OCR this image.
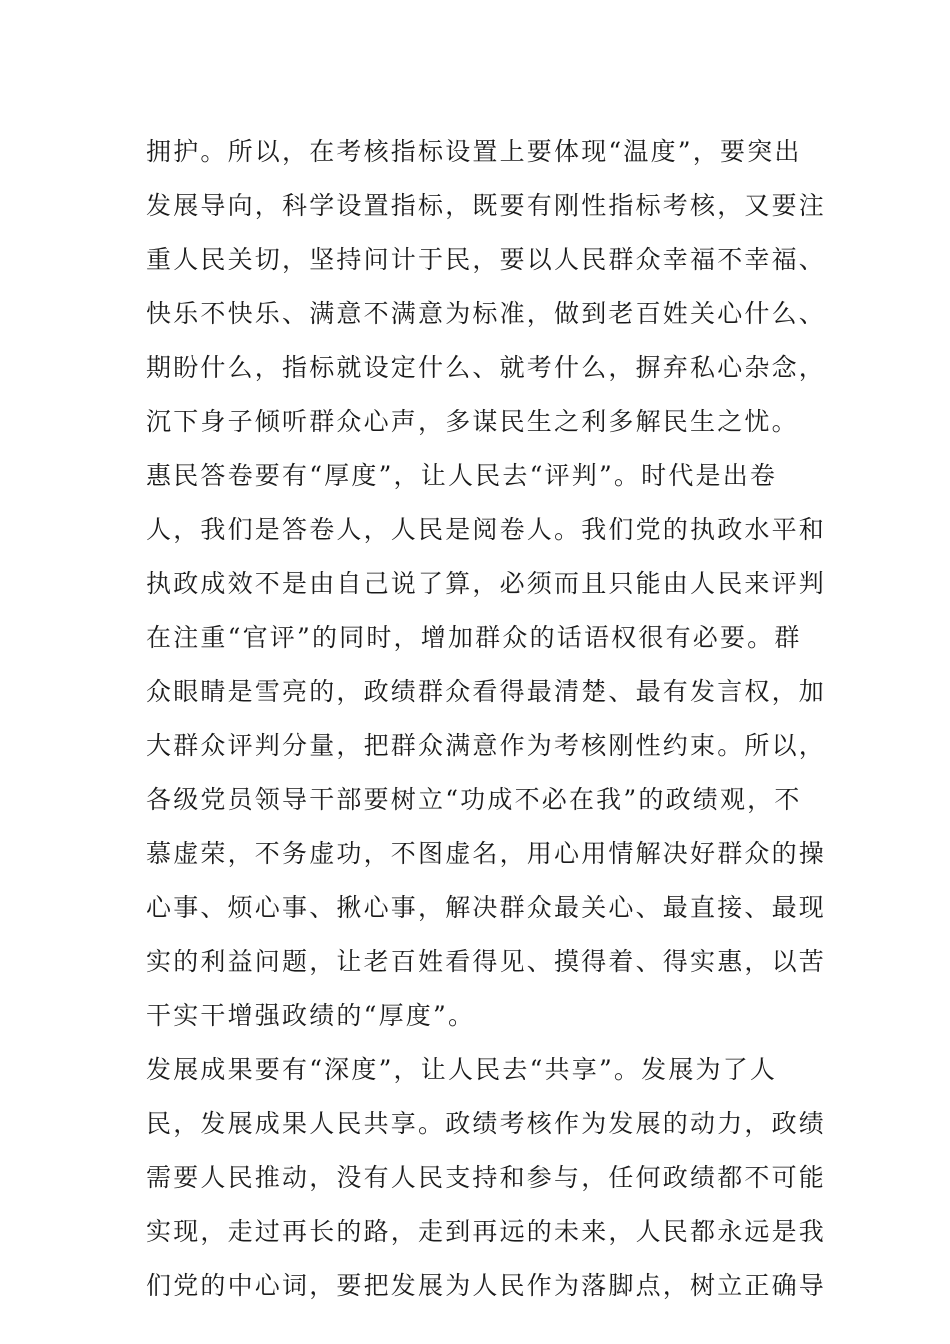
拥护。所以，在考核指标设置上要体现“温度”，要突出
发展导向，科学设置指标，既要有刚性指标考核，又要注
重人民关切，坚持问计于民，要以人民群众幸福不幸福、
快乐不快乐、满意不满意为标准，做到老百姓关心什么、
期盼什么，指标就设定什么、就考什么，摒弃私心杂念，
沉下身子倾听群众心声，多谋民生之利多解民生之忧。
惠民答卷要有“厚度”，让人民去“评判”。时代是出卷
人，我们是答卷人，人民是阅卷人。我们党的执政水平和
执政成效不是由自己说了算，必须而且只能由人民来评判
在注重“官评”的同时，增加群众的话语权很有必要。群
众眼睛是雪亮的，政绩群众看得最清楚、最有发言权，加
大群众评判分量，把群众满意作为考核刚性约束。所以，
各级党员领导干部要树立“功成不必在我”的政绩观，不
慕虚荣，不务虚功，不图虚名，用心用情解决好群众的操
心事、烦心事、揪心事，解决群众最关心、最直接、最现
实的利益问题，让老百姓看得见、摸得着、得实惠，以苦
干实干增强政绩的“厚度”。
发展成果要有“深度”，让人民去“共享”。发展为了人
民，发展成果人民共享。政绩考核作为发展的动力，政绩
需要人民推动，没有人民支持和参与，任何政绩都不可能
实现，走过再长的路，走到再远的未来，人民都永远是我
们党的中心词，要把发展为人民作为落脚点，树立正确导
